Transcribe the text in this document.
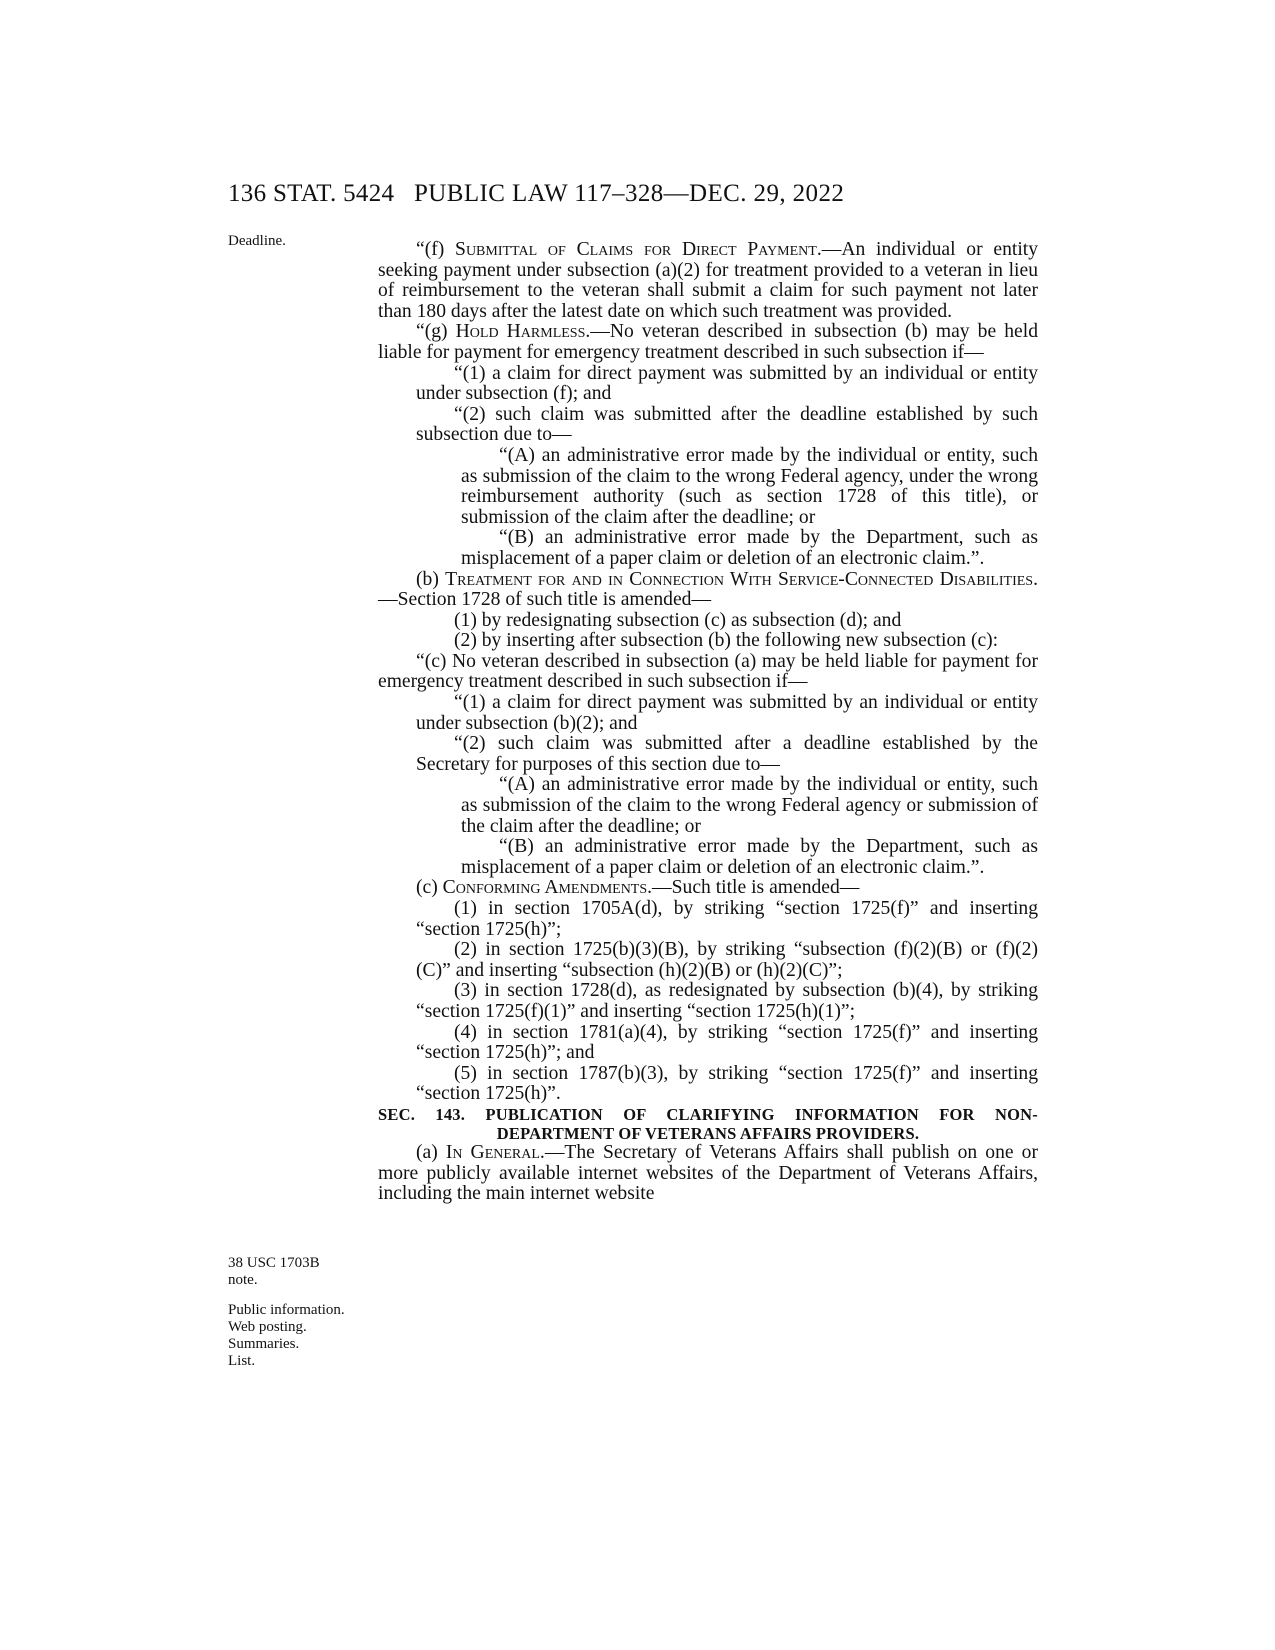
136 STAT. 5424 PUBLIC LAW 117–328—DEC. 29, 2022
Deadline.
38 USC 1703B note.
Public information.
Web posting.
Summaries.
List.

“(f) Submittal of Claims for Direct Payment.—An individual or entity seeking payment under subsection (a)(2) for treatment provided to a veteran in lieu of reimbursement to the veteran shall submit a claim for such payment not later than 180 days after the latest date on which such treatment was provided.

“(g) Hold Harmless.—No veteran described in subsection (b) may be held liable for payment for emergency treatment described in such subsection if—

“(1) a claim for direct payment was submitted by an individual or entity under subsection (f); and

“(2) such claim was submitted after the deadline established by such subsection due to—

“(A) an administrative error made by the individual or entity, such as submission of the claim to the wrong Federal agency, under the wrong reimbursement authority (such as section 1728 of this title), or submission of the claim after the deadline; or

“(B) an administrative error made by the Department, such as misplacement of a paper claim or deletion of an electronic claim.”.

(b) Treatment for and in Connection With Service-Connected Disabilities.—Section 1728 of such title is amended—

(1) by redesignating subsection (c) as subsection (d); and

(2) by inserting after subsection (b) the following new subsection (c):

“(c) No veteran described in subsection (a) may be held liable for payment for emergency treatment described in such subsection if—

“(1) a claim for direct payment was submitted by an individual or entity under subsection (b)(2); and

“(2) such claim was submitted after a deadline established by the Secretary for purposes of this section due to—

“(A) an administrative error made by the individual or entity, such as submission of the claim to the wrong Federal agency or submission of the claim after the deadline; or

“(B) an administrative error made by the Department, such as misplacement of a paper claim or deletion of an electronic claim.”.

(c) Conforming Amendments.—Such title is amended—

(1) in section 1705A(d), by striking “section 1725(f)” and inserting “section 1725(h)”;

(2) in section 1725(b)(3)(B), by striking “subsection (f)(2)(B) or (f)(2)(C)” and inserting “subsection (h)(2)(B) or (h)(2)(C)”;

(3) in section 1728(d), as redesignated by subsection (b)(4), by striking “section 1725(f)(1)” and inserting “section 1725(h)(1)”;

(4) in section 1781(a)(4), by striking “section 1725(f)” and inserting “section 1725(h)”; and

(5) in section 1787(b)(3), by striking “section 1725(f)” and inserting “section 1725(h)”.

SEC. 143. PUBLICATION OF CLARIFYING INFORMATION FOR NON-DEPARTMENT OF VETERANS AFFAIRS PROVIDERS.

(a) In General.—The Secretary of Veterans Affairs shall publish on one or more publicly available internet websites of the Department of Veterans Affairs, including the main internet website
